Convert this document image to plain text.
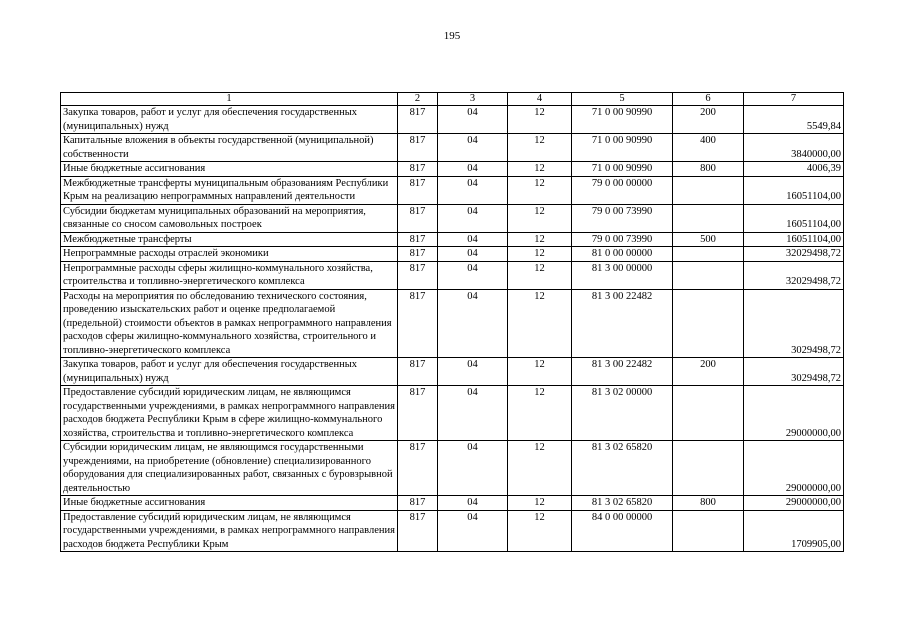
195
1	2	3	4	5	6	7
Закупка товаров, работ и услуг для обеспечения государственных (муниципальных) нужд	817	04	12	71 0 00 90990	200	5549,84
Капитальные вложения в объекты государственной (муниципальной) собственности	817	04	12	71 0 00 90990	400	3840000,00
Иные бюджетные ассигнования	817	04	12	71 0 00 90990	800	4006,39
Межбюджетные трансферты муниципальным образованиям Республики Крым на реализацию непрограммных направлений деятельности	817	04	12	79 0 00 00000		16051104,00
Субсидии бюджетам муниципальных образований на мероприятия, связанные со сносом самовольных построек	817	04	12	79 0 00 73990		16051104,00
Межбюджетные трансферты	817	04	12	79 0 00 73990	500	16051104,00
Непрограммные расходы отраслей экономики	817	04	12	81 0 00 00000		32029498,72
Непрограммные расходы сферы жилищно-коммунального хозяйства, строительства и топливно-энергетического комплекса	817	04	12	81 3 00 00000		32029498,72
Расходы на мероприятия по обследованию технического состояния, проведению изыскательских работ и оценке предполагаемой (предельной) стоимости объектов в рамках непрограммного направления расходов сферы жилищно-коммунального хозяйства, строительного и топливно-энергетического комплекса	817	04	12	81 3 00 22482		3029498,72
Закупка товаров, работ и услуг для обеспечения государственных (муниципальных) нужд	817	04	12	81 3 00 22482	200	3029498,72
Предоставление субсидий юридическим лицам, не являющимся государственными учреждениями, в рамках непрограммного направления расходов бюджета Республики Крым в сфере жилищно-коммунального хозяйства, строительства и топливно-энергетического комплекса	817	04	12	81 3 02 00000		29000000,00
Субсидии юридическим лицам, не являющимся государственными учреждениями, на приобретение (обновление) специализированного оборудования для специализированных работ, связанных с буровзрывной деятельностью	817	04	12	81 3 02 65820		29000000,00
Иные бюджетные ассигнования	817	04	12	81 3 02 65820	800	29000000,00
Предоставление субсидий юридическим лицам, не являющимся государственными учреждениями, в рамках непрограммного направления расходов бюджета Республики Крым	817	04	12	84 0 00 00000		1709905,00
